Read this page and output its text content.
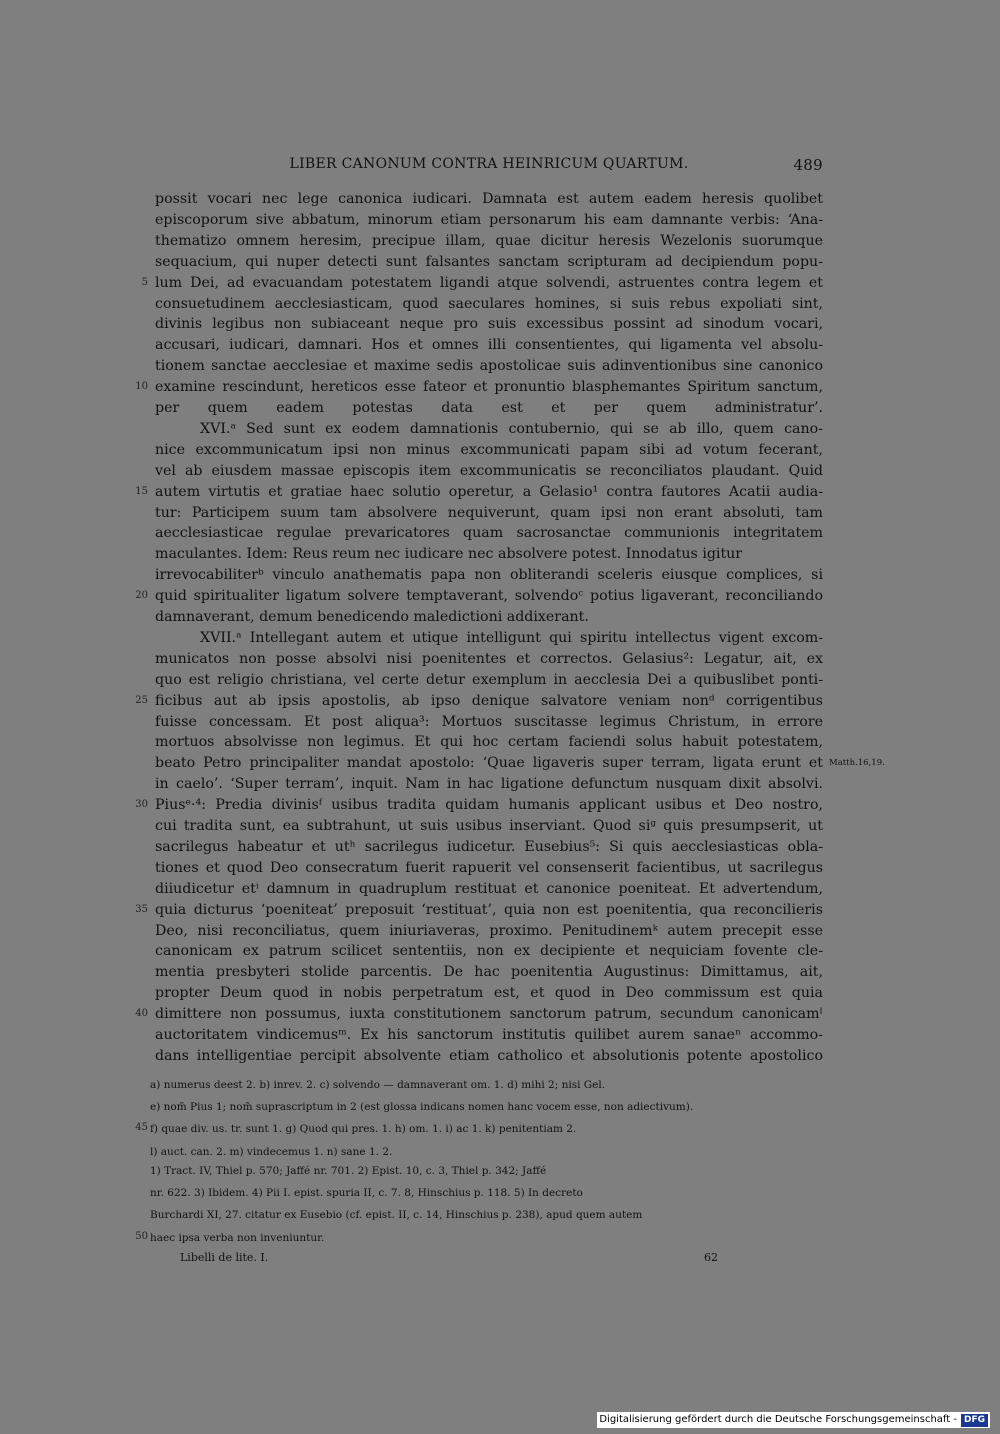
LIBER CANONUM CONTRA HEINRICUM QUARTUM.	489
possit vocari nec lege canonica iudicari. Damnata est autem eadem heresis quolibet
episcoporum sive abbatum, minorum etiam personarum his eam damnante verbis: ‘Ana-
thematizo omnem heresim, precipue illam, quae dicitur heresis Wezelonis suorumque
sequacium, qui nuper detecti sunt falsantes sanctam scripturam ad decipiendum popu-
lum Dei, ad evacuandam potestatem ligandi atque solvendi, astruentes contra legem et
5
consuetudinem aecclesiasticam, quod saeculares homines, si suis rebus expoliati sint,
divinis legibus non subiaceant neque pro suis excessibus possint ad sinodum vocari,
accusari, iudicari, damnari. Hos et omnes illi consentientes, qui ligamenta vel absolu-
tionem sanctae aecclesiae et maxime sedis apostolicae suis adinventionibus sine canonico
examine rescindunt, hereticos esse fateor et pronuntio blasphemantes Spiritum sanctum,
10
per quem eadem potestas data est et per quem administratur’.
XVI.ᵃ Sed sunt ex eodem damnationis contubernio, qui se ab illo, quem cano-
nice excommunicatum ipsi non minus excommunicati papam sibi ad votum fecerant,
vel ab eiusdem massae episcopis item excommunicatis se reconciliatos plaudant. Quid
autem virtutis et gratiae haec solutio operetur, a Gelasio¹ contra fautores Acatii audia-
15
tur: Participem suum tam absolvere nequiverunt, quam ipsi non erant absoluti, tam
aecclesiasticae regulae prevaricatores quam sacrosanctae communionis integritatem
maculantes. Idem: Reus reum nec iudicare nec absolvere potest. Innodatus igitur
irrevocabiliterᵇ vinculo anathematis papa non obliterandi sceleris eiusque complices, si
quid spiritualiter ligatum solvere temptaverant, solvendoᶜ potius ligaverant, reconciliando
20
damnaverant, demum benedicendo maledictioni addixerant.
XVII.ᵃ Intellegant autem et utique intelligunt qui spiritu intellectus vigent excom-
municatos non posse absolvi nisi poenitentes et correctos. Gelasius²: Legatur, ait, ex
quo est religio christiana, vel certe detur exemplum in aecclesia Dei a quibuslibet ponti-
ficibus aut ab ipsis apostolis, ab ipso denique salvatore veniam nonᵈ corrigentibus
25
fuisse concessam. Et post aliqua³: Mortuos suscitasse legimus Christum, in errore
mortuos absolvisse non legimus. Et qui hoc certam faciendi solus habuit potestatem,
beato Petro principaliter mandat apostolo: ‘Quae ligaveris super terram, ligata erunt et Matth.16,19.
in caelo’. ‘Super terram’, inquit. Nam in hac ligatione defunctum nusquam dixit absolvi.
Piusᵉ·⁴: Predia divinisᶠ usibus tradita quidam humanis applicant usibus et Deo nostro,
30
cui tradita sunt, ea subtrahunt, ut suis usibus inserviant. Quod siᵍ quis presumpserit, ut
sacrilegus habeatur et utʰ sacrilegus iudicetur. Eusebius⁵: Si quis aecclesiasticas obla-
tiones et quod Deo consecratum fuerit rapuerit vel consenserit facientibus, ut sacrilegus
diiudicetur etⁱ damnum in quadruplum restituat et canonice poeniteat. Et advertendum,
quia dicturus ‘poeniteat’ preposuit ‘restituat’, quia non est poenitentia, qua reconcilieris
35
Deo, nisi reconciliatus, quem iniuriaveras, proximo. Penitudinemᵏ autem precepit esse
canonicam ex patrum scilicet sententiis, non ex decipiente et nequiciam fovente cle-
mentia presbyteri stolide parcentis. De hac poenitentia Augustinus: Dimittamus, ait,
propter Deum quod in nobis perpetratum est, et quod in Deo commissum est quia
dimittere non possumus, iuxta constitutionem sanctorum patrum, secundum canonicamˡ
40
auctoritatem vindicemusᵐ. Ex his sanctorum institutis quilibet aurem sanaeⁿ accommo-
dans intelligentiae percipit absolvente etiam catholico et absolutionis potente apostolico
a) numerus deest 2. b) inrev. 2. c) solvendo — damnaverant om. 1. d) mihi 2; nisi Gel.
e) nom̃ Pius 1; nom̃ suprascriptum in 2 (est glossa indicans nomen hanc vocem esse, non adiectivum).
f) quae div. us. tr. sunt 1. g) Quod qui pres. 1. h) om. 1. i) ac 1. k) penitentiam 2.
45
l) auct. can. 2. m) vindecemus 1. n) sane 1. 2.
1) Tract. IV, Thiel p. 570; Jaffé nr. 701. 2) Epist. 10, c. 3, Thiel p. 342; Jaffé
nr. 622. 3) Ibidem. 4) Pii I. epist. spuria II, c. 7. 8, Hinschius p. 118. 5) In decreto
Burchardi XI, 27. citatur ex Eusebio (cf. epist. II, c. 14, Hinschius p. 238), apud quem autem
haec ipsa verba non inveniuntur.
50
Libelli de lite. I.	62
Digitalisierung gefördert durch die Deutsche Forschungsgemeinschaft - DFG
